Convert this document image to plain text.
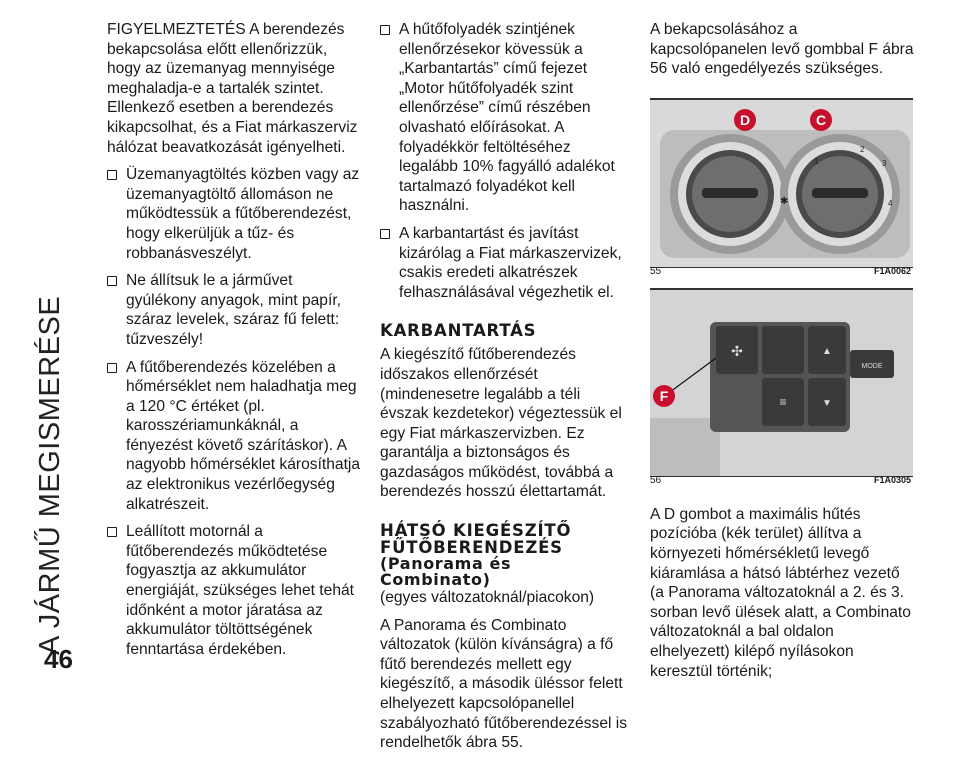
A JÁRMŰ MEGISMERÉSE
46

FIGYELMEZTETÉS A berendezés bekapcsolása előtt ellenőrizzük, hogy az üzemanyag mennyisége meghaladja-e a tartalék szintet. Ellenkező esetben a berendezés kikapcsolhat, és a Fiat márkaszerviz hálózat beavatkozását igényelheti.

Üzemanyagtöltés közben vagy az üzemanyagtöltő állomáson ne működtessük a fűtőberendezést, hogy elkerüljük a tűz- és robbanásveszélyt.
Ne állítsuk le a járművet gyúlékony anyagok, mint papír, száraz levelek, száraz fű felett: tűzveszély!
A fűtőberendezés közelében a hőmérséklet nem haladhatja meg a 120 °C értéket (pl. karosszériamunkáknál, a fényezést követő szárításkor). A nagyobb hőmérséklet károsíthatja az elektronikus vezérlőegység alkatrészeit.
Leállított motornál a fűtőberendezés működtetése fogyasztja az akkumulátor energiáját, szükséges lehet tehát időnként a motor járatása az akkumulátor töltöttségének fenntartása érdekében.
A hűtőfolyadék szintjének ellenőrzésekor kövessük a „Karbantartás” című fejezet „Motor hűtőfolyadék szint ellenőrzése” című részében olvasható előírásokat. A folyadékkör feltöltéséhez legalább 10% fagyálló adalékot tartalmazó folyadékot kell használni.
A karbantartást és javítást kizárólag a Fiat márkaszervizek, csakis eredeti alkatrészek felhasználásával végezhetik el.
KARBANTARTÁS

A kiegészítő fűtőberendezés időszakos ellenőrzését (mindenesetre legalább a téli évszak kezdetekor) végeztessük el egy Fiat márkaszervizben. Ez garantálja a biztonságos és gazdaságos működést, továbbá a berendezés hosszú élettartamát.

HÁTSÓ KIEGÉSZÍTŐ
FŰTŐBERENDEZÉS
(Panorama és
Combinato)

(egyes változatoknál/piacokon)

A Panorama és Combinato változatok (külön kívánságra) a fő fűtő berendezés mellett egy kiegészítő, a második üléssor felett elhelyezett kapcsolópanellel szabályozható fűtőberendezéssel is rendelhetők ábra 55.

A bekapcsolásához a kapcsolópanelen levő gombbal F ábra 56 való engedélyezés szükséges.

✱
2
3
1
4
D	C
55	F1A0062
✣	▲
≡	▼
MODE
F
56	F1A0305

A D gombot a maximális hűtés pozícióba (kék terület) állítva a környezeti hőmérsékletű levegő kiáramlása a hátsó lábtérhez vezető (a Panorama változatoknál a 2. és 3. sorban levő ülések alatt, a Combinato változatoknál a bal oldalon elhelyezett) kilépő nyílásokon keresztül történik;
